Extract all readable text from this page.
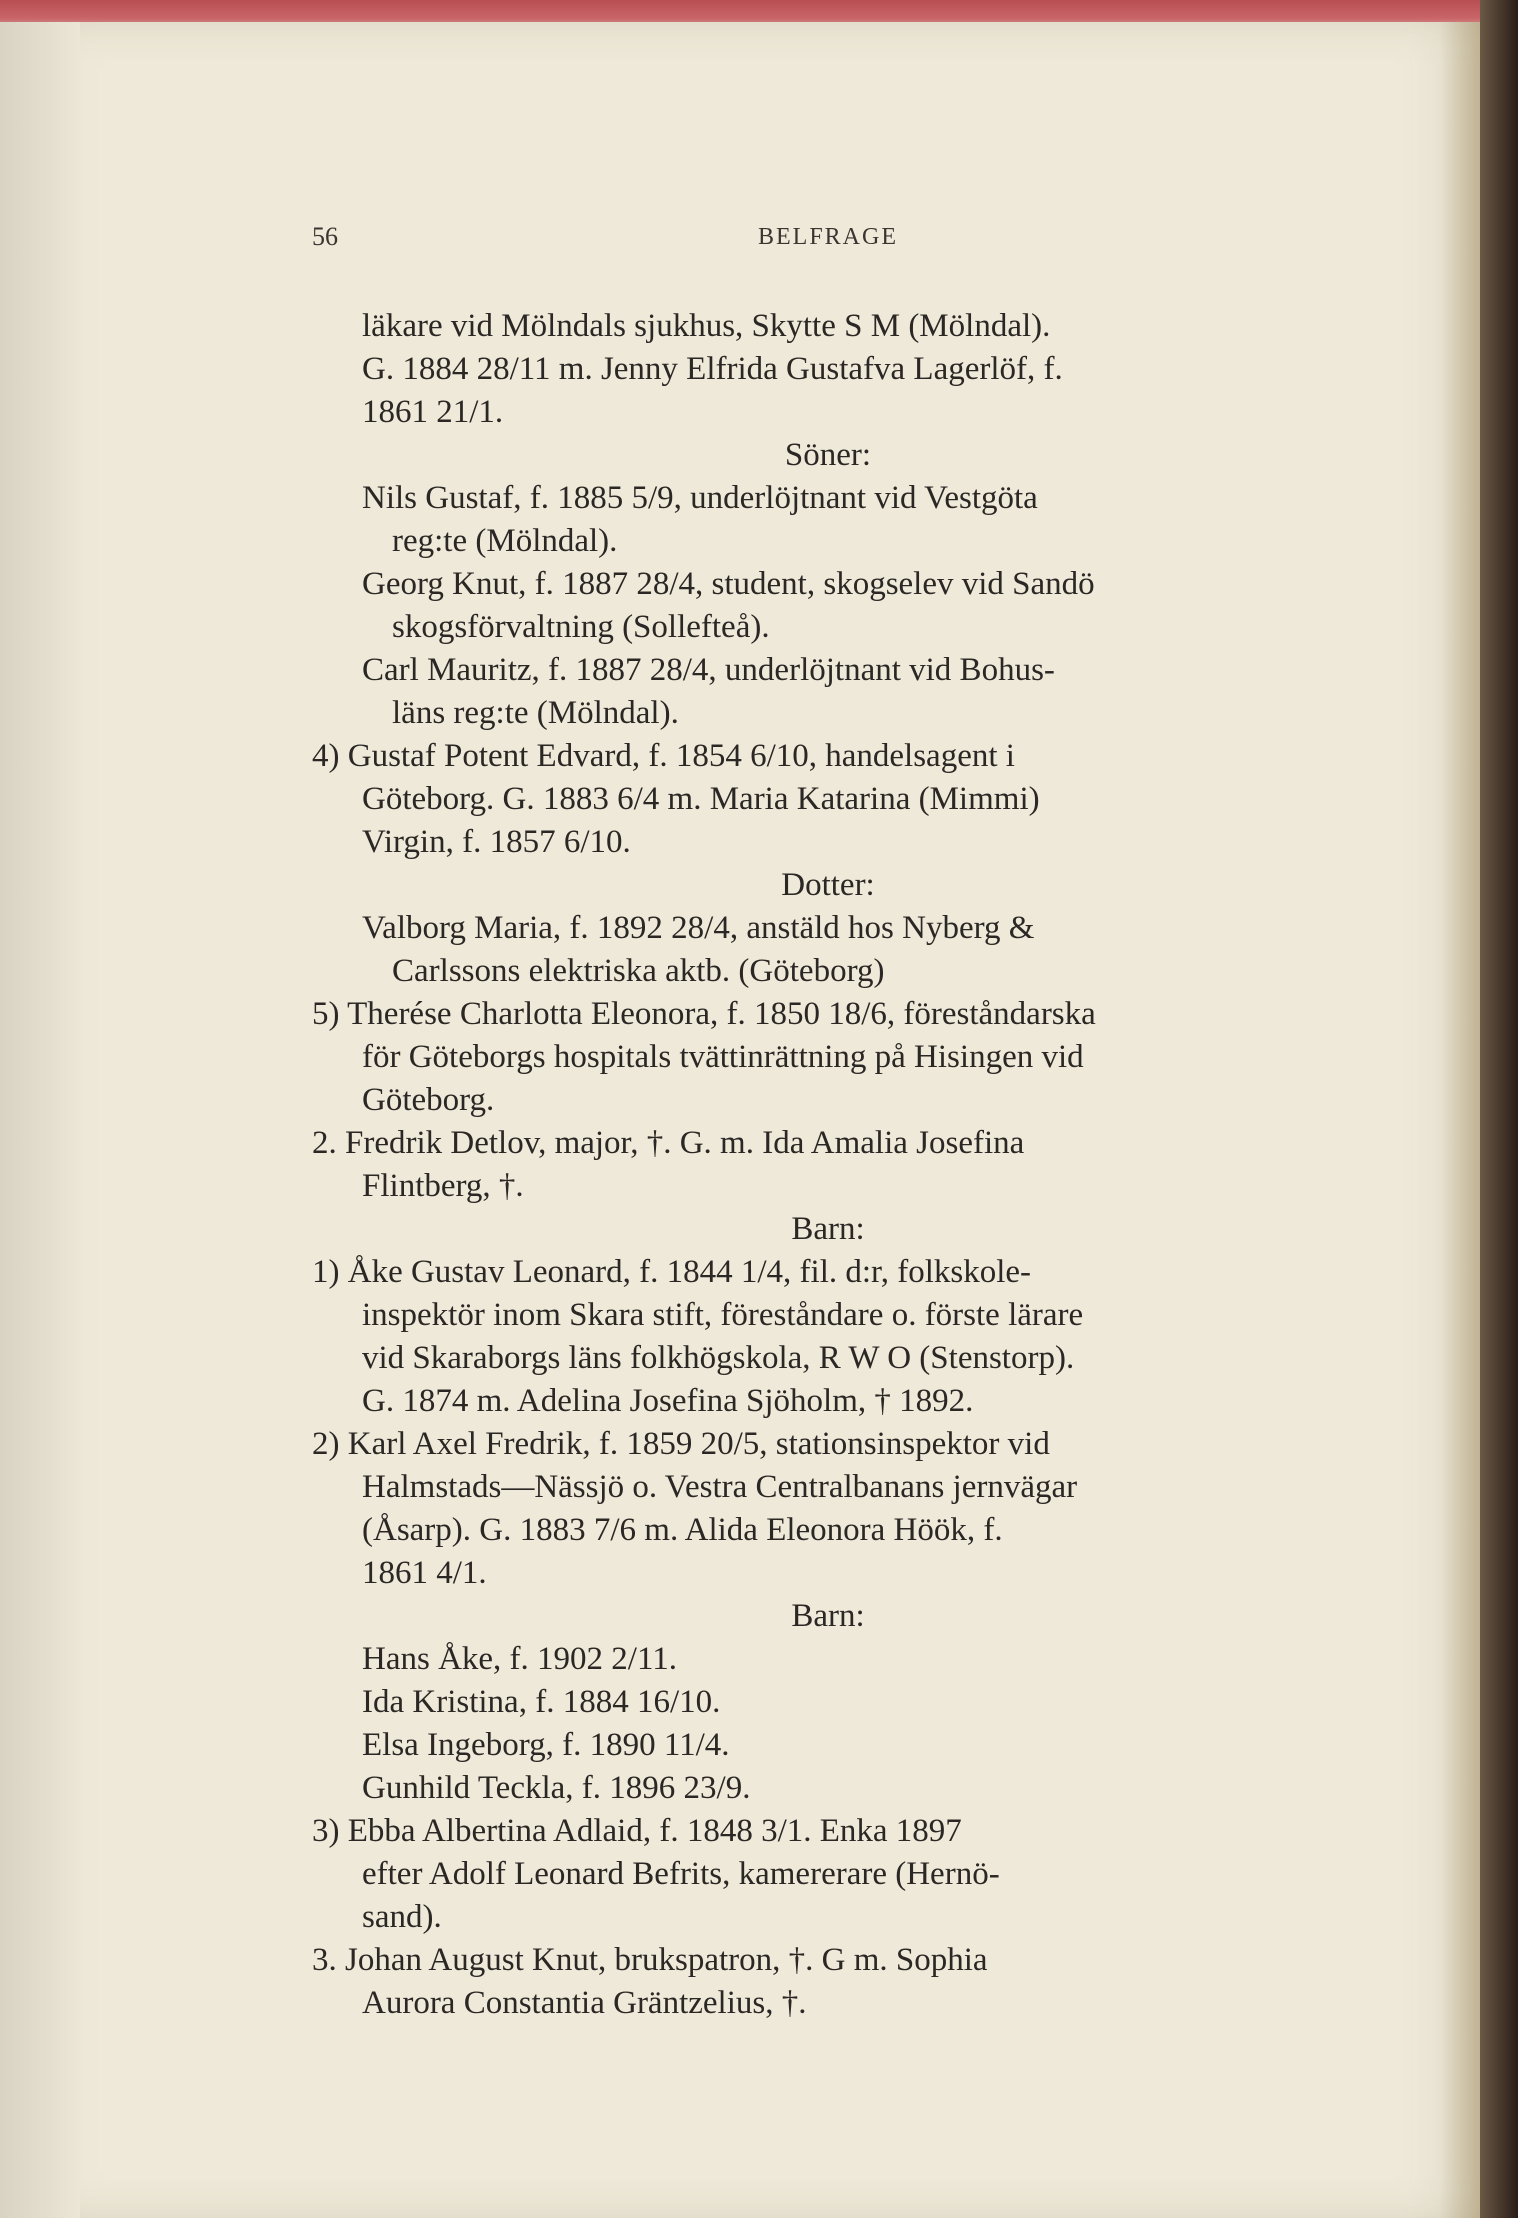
56	BELFRAGE
läkare vid Mölndals sjukhus, Skytte S M (Mölndal).
G. 1884 28/11 m. Jenny Elfrida Gustafva Lagerlöf, f.
1861 21/1.
Söner:
Nils Gustaf, f. 1885 5/9, underlöjtnant vid Vestgöta
reg:te (Mölndal).
Georg Knut, f. 1887 28/4, student, skogselev vid Sandö
skogsförvaltning (Sollefteå).
Carl Mauritz, f. 1887 28/4, underlöjtnant vid Bohus-
läns reg:te (Mölndal).
4) Gustaf Potent Edvard, f. 1854 6/10, handelsagent i
Göteborg. G. 1883 6/4 m. Maria Katarina (Mimmi)
Virgin, f. 1857 6/10.
Dotter:
Valborg Maria, f. 1892 28/4, anstäld hos Nyberg &
Carlssons elektriska aktb. (Göteborg)
5) Therése Charlotta Eleonora, f. 1850 18/6, föreståndarska
för Göteborgs hospitals tvättinrättning på Hisingen vid
Göteborg.
2. Fredrik Detlov, major, †. G. m. Ida Amalia Josefina
Flintberg, †.
Barn:
1) Åke Gustav Leonard, f. 1844 1/4, fil. d:r, folkskole-
inspektör inom Skara stift, föreståndare o. förste lärare
vid Skaraborgs läns folkhögskola, R W O (Stenstorp).
G. 1874 m. Adelina Josefina Sjöholm, † 1892.
2) Karl Axel Fredrik, f. 1859 20/5, stationsinspektor vid
Halmstads—Nässjö o. Vestra Centralbanans jernvägar
(Åsarp). G. 1883 7/6 m. Alida Eleonora Höök, f.
1861 4/1.
Barn:
Hans Åke, f. 1902 2/11.
Ida Kristina, f. 1884 16/10.
Elsa Ingeborg, f. 1890 11/4.
Gunhild Teckla, f. 1896 23/9.
3) Ebba Albertina Adlaid, f. 1848 3/1. Enka 1897
efter Adolf Leonard Befrits, kamererare (Hernö-
sand).
3. Johan August Knut, brukspatron, †. G m. Sophia
Aurora Constantia Gräntzelius, †.
